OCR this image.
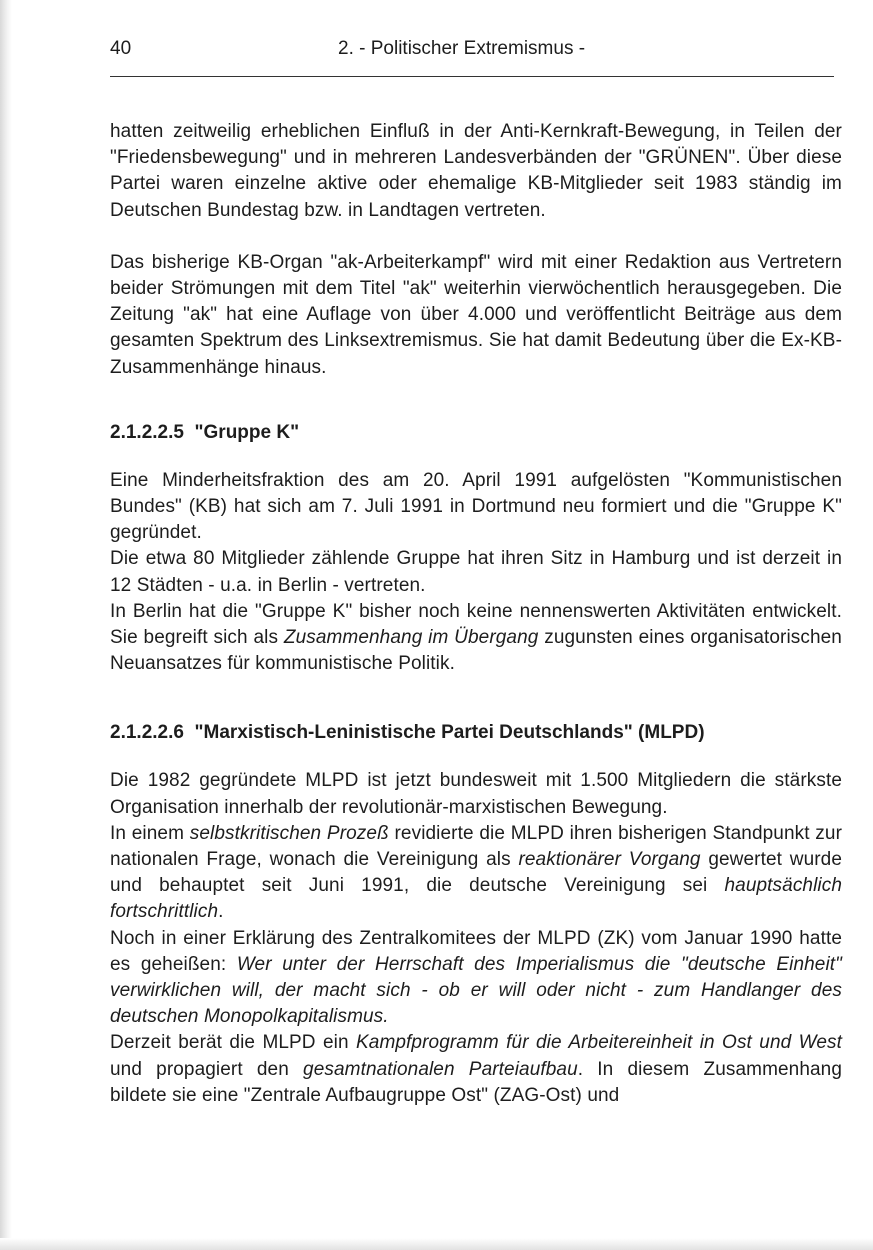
40	2. - Politischer Extremismus -

hatten zeitweilig erheblichen Einfluß in der Anti-Kernkraft-Bewegung, in Teilen der "Friedensbewegung" und in mehreren Landesverbänden der "GRÜNEN". Über diese Partei waren einzelne aktive oder ehemalige KB-Mitglieder seit 1983 ständig im Deutschen Bundestag bzw. in Landtagen vertreten.

Das bisherige KB-Organ "ak-Arbeiterkampf" wird mit einer Redaktion aus Vertretern beider Strömungen mit dem Titel "ak" weiterhin vierwöchentlich herausgegeben. Die Zeitung "ak" hat eine Auflage von über 4.000 und veröffentlicht Beiträge aus dem gesamten Spektrum des Linksextremismus. Sie hat damit Bedeutung über die Ex-KB-Zusammenhänge hinaus.

2.1.2.2.5  "Gruppe K"

Eine Minderheitsfraktion des am 20. April 1991 aufgelösten "Kommunistischen Bundes" (KB) hat sich am 7. Juli 1991 in Dortmund neu formiert und die "Gruppe K" gegründet.

Die etwa 80 Mitglieder zählende Gruppe hat ihren Sitz in Hamburg und ist derzeit in 12 Städten - u.a. in Berlin - vertreten.

In Berlin hat die "Gruppe K" bisher noch keine nennenswerten Aktivitäten entwickelt. Sie begreift sich als Zusammenhang im Übergang zugunsten eines organisatorischen Neuansatzes für kommunistische Politik.

2.1.2.2.6  "Marxistisch-Leninistische Partei Deutschlands" (MLPD)

Die 1982 gegründete MLPD ist jetzt bundesweit mit 1.500 Mitgliedern die stärkste Organisation innerhalb der revolutionär-marxistischen Bewegung.

In einem selbstkritischen Prozeß revidierte die MLPD ihren bisherigen Standpunkt zur nationalen Frage, wonach die Vereinigung als reaktionärer Vorgang gewertet wurde und behauptet seit Juni 1991, die deutsche Vereinigung sei hauptsächlich fortschrittlich.

Noch in einer Erklärung des Zentralkomitees der MLPD (ZK) vom Januar 1990 hatte es geheißen: Wer unter der Herrschaft des Imperialismus die "deutsche Einheit" verwirklichen will, der macht sich - ob er will oder nicht - zum Handlanger des deutschen Monopolkapitalismus.

Derzeit berät die MLPD ein Kampfprogramm für die Arbeitereinheit in Ost und West und propagiert den gesamtnationalen Parteiaufbau. In diesem Zusammenhang bildete sie eine "Zentrale Aufbaugruppe Ost" (ZAG-Ost) und
